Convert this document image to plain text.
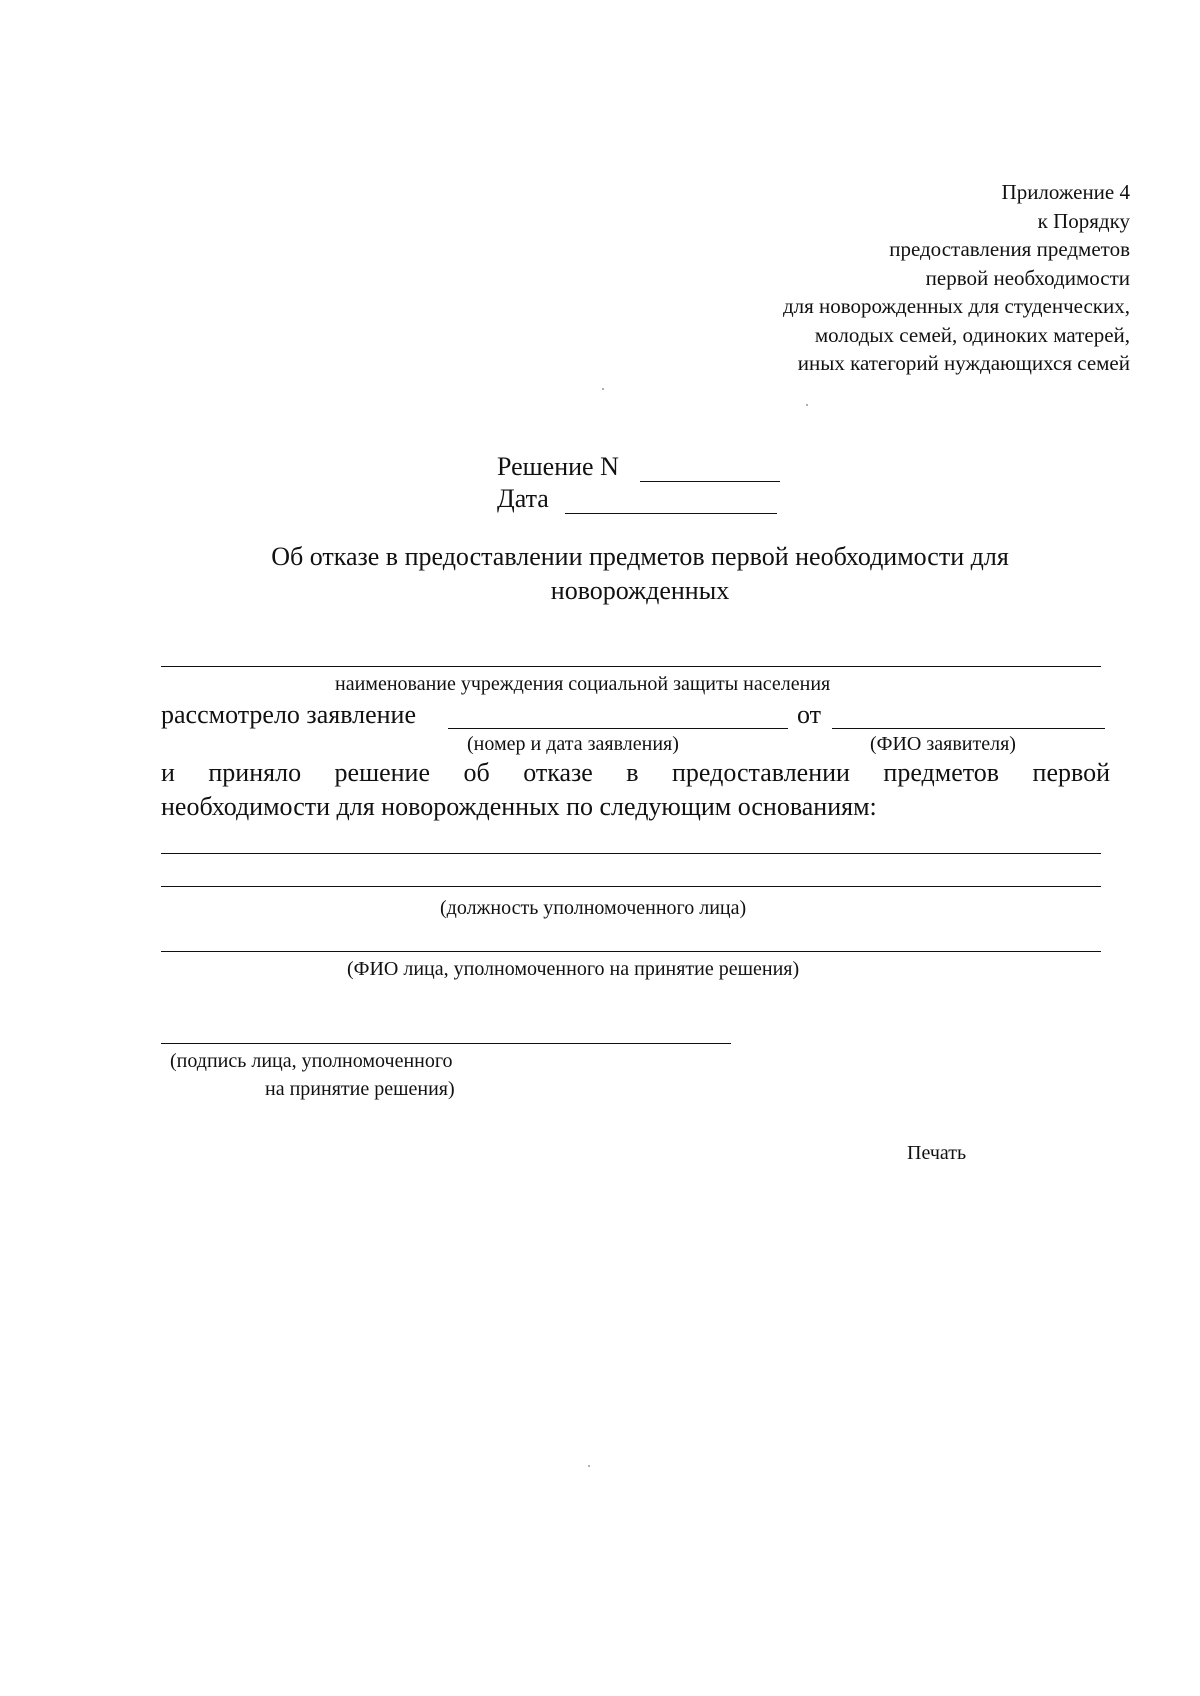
Приложение 4
к Порядку
предоставления предметов
первой необходимости
для новорожденных для студенческих,
молодых семей, одиноких матерей,
иных категорий нуждающихся семей
Решение N
Дата
Об отказе в предоставлении предметов первой необходимости для новорожденных
наименование учреждения социальной защиты населения
рассмотрело заявление	от
(номер и дата заявления)	(ФИО заявителя)
и приняло решение об отказе в предоставлении предметов первой
необходимости для новорожденных по следующим основаниям:
(должность уполномоченного лица)
(ФИО лица, уполномоченного на принятие решения)
(подпись лица, уполномоченного
на принятие решения)
Печать
